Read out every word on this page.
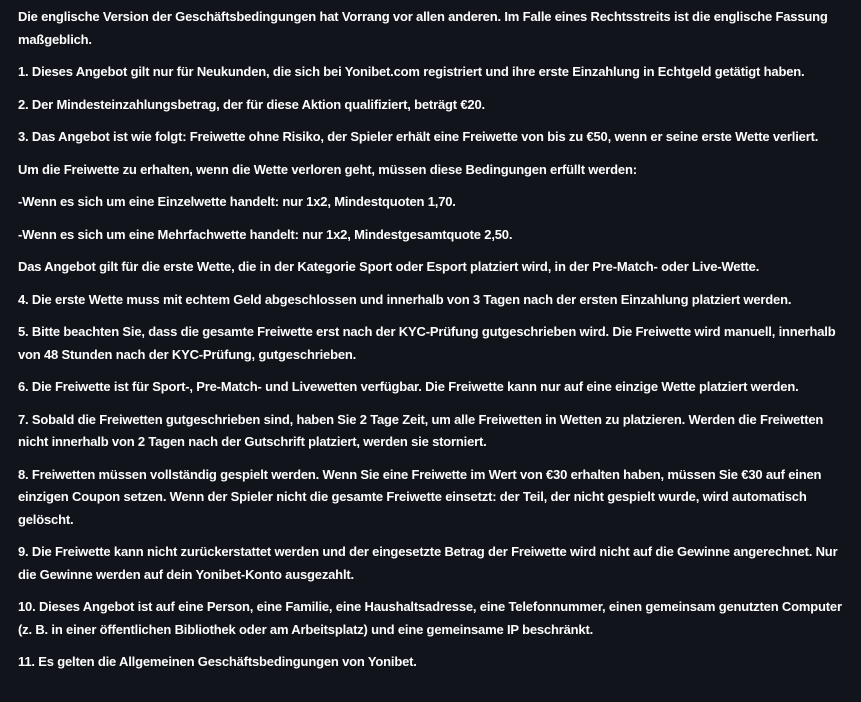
Die englische Version der Geschäftsbedingungen hat Vorrang vor allen anderen. Im Falle eines Rechtsstreits ist die englische Fassung maßgeblich.

1. Dieses Angebot gilt nur für Neukunden, die sich bei Yonibet.com registriert und ihre erste Einzahlung in Echtgeld getätigt haben.

2. Der Mindesteinzahlungsbetrag, der für diese Aktion qualifiziert, beträgt €20.

3. Das Angebot ist wie folgt: Freiwette ohne Risiko, der Spieler erhält eine Freiwette von bis zu €50, wenn er seine erste Wette verliert.

Um die Freiwette zu erhalten, wenn die Wette verloren geht, müssen diese Bedingungen erfüllt werden:

-Wenn es sich um eine Einzelwette handelt: nur 1x2, Mindestquoten 1,70.

-Wenn es sich um eine Mehrfachwette handelt: nur 1x2, Mindestgesamtquote 2,50.

Das Angebot gilt für die erste Wette, die in der Kategorie Sport oder Esport platziert wird, in der Pre-Match- oder Live-Wette.

4. Die erste Wette muss mit echtem Geld abgeschlossen und innerhalb von 3 Tagen nach der ersten Einzahlung platziert werden.

5. Bitte beachten Sie, dass die gesamte Freiwette erst nach der KYC-Prüfung gutgeschrieben wird. Die Freiwette wird manuell, innerhalb von 48 Stunden nach der KYC-Prüfung, gutgeschrieben.

6. Die Freiwette ist für Sport-, Pre-Match- und Livewetten verfügbar. Die Freiwette kann nur auf eine einzige Wette platziert werden.

7. Sobald die Freiwetten gutgeschrieben sind, haben Sie 2 Tage Zeit, um alle Freiwetten in Wetten zu platzieren. Werden die Freiwetten nicht innerhalb von 2 Tagen nach der Gutschrift platziert, werden sie storniert.

8. Freiwetten müssen vollständig gespielt werden. Wenn Sie eine Freiwette im Wert von €30 erhalten haben, müssen Sie €30 auf einen einzigen Coupon setzen. Wenn der Spieler nicht die gesamte Freiwette einsetzt: der Teil, der nicht gespielt wurde, wird automatisch gelöscht.

9. Die Freiwette kann nicht zurückerstattet werden und der eingesetzte Betrag der Freiwette wird nicht auf die Gewinne angerechnet. Nur die Gewinne werden auf dein Yonibet-Konto ausgezahlt.

10. Dieses Angebot ist auf eine Person, eine Familie, eine Haushaltsadresse, eine Telefonnummer, einen gemeinsam genutzten Computer (z. B. in einer öffentlichen Bibliothek oder am Arbeitsplatz) und eine gemeinsame IP beschränkt.

11. Es gelten die Allgemeinen Geschäftsbedingungen von Yonibet.
